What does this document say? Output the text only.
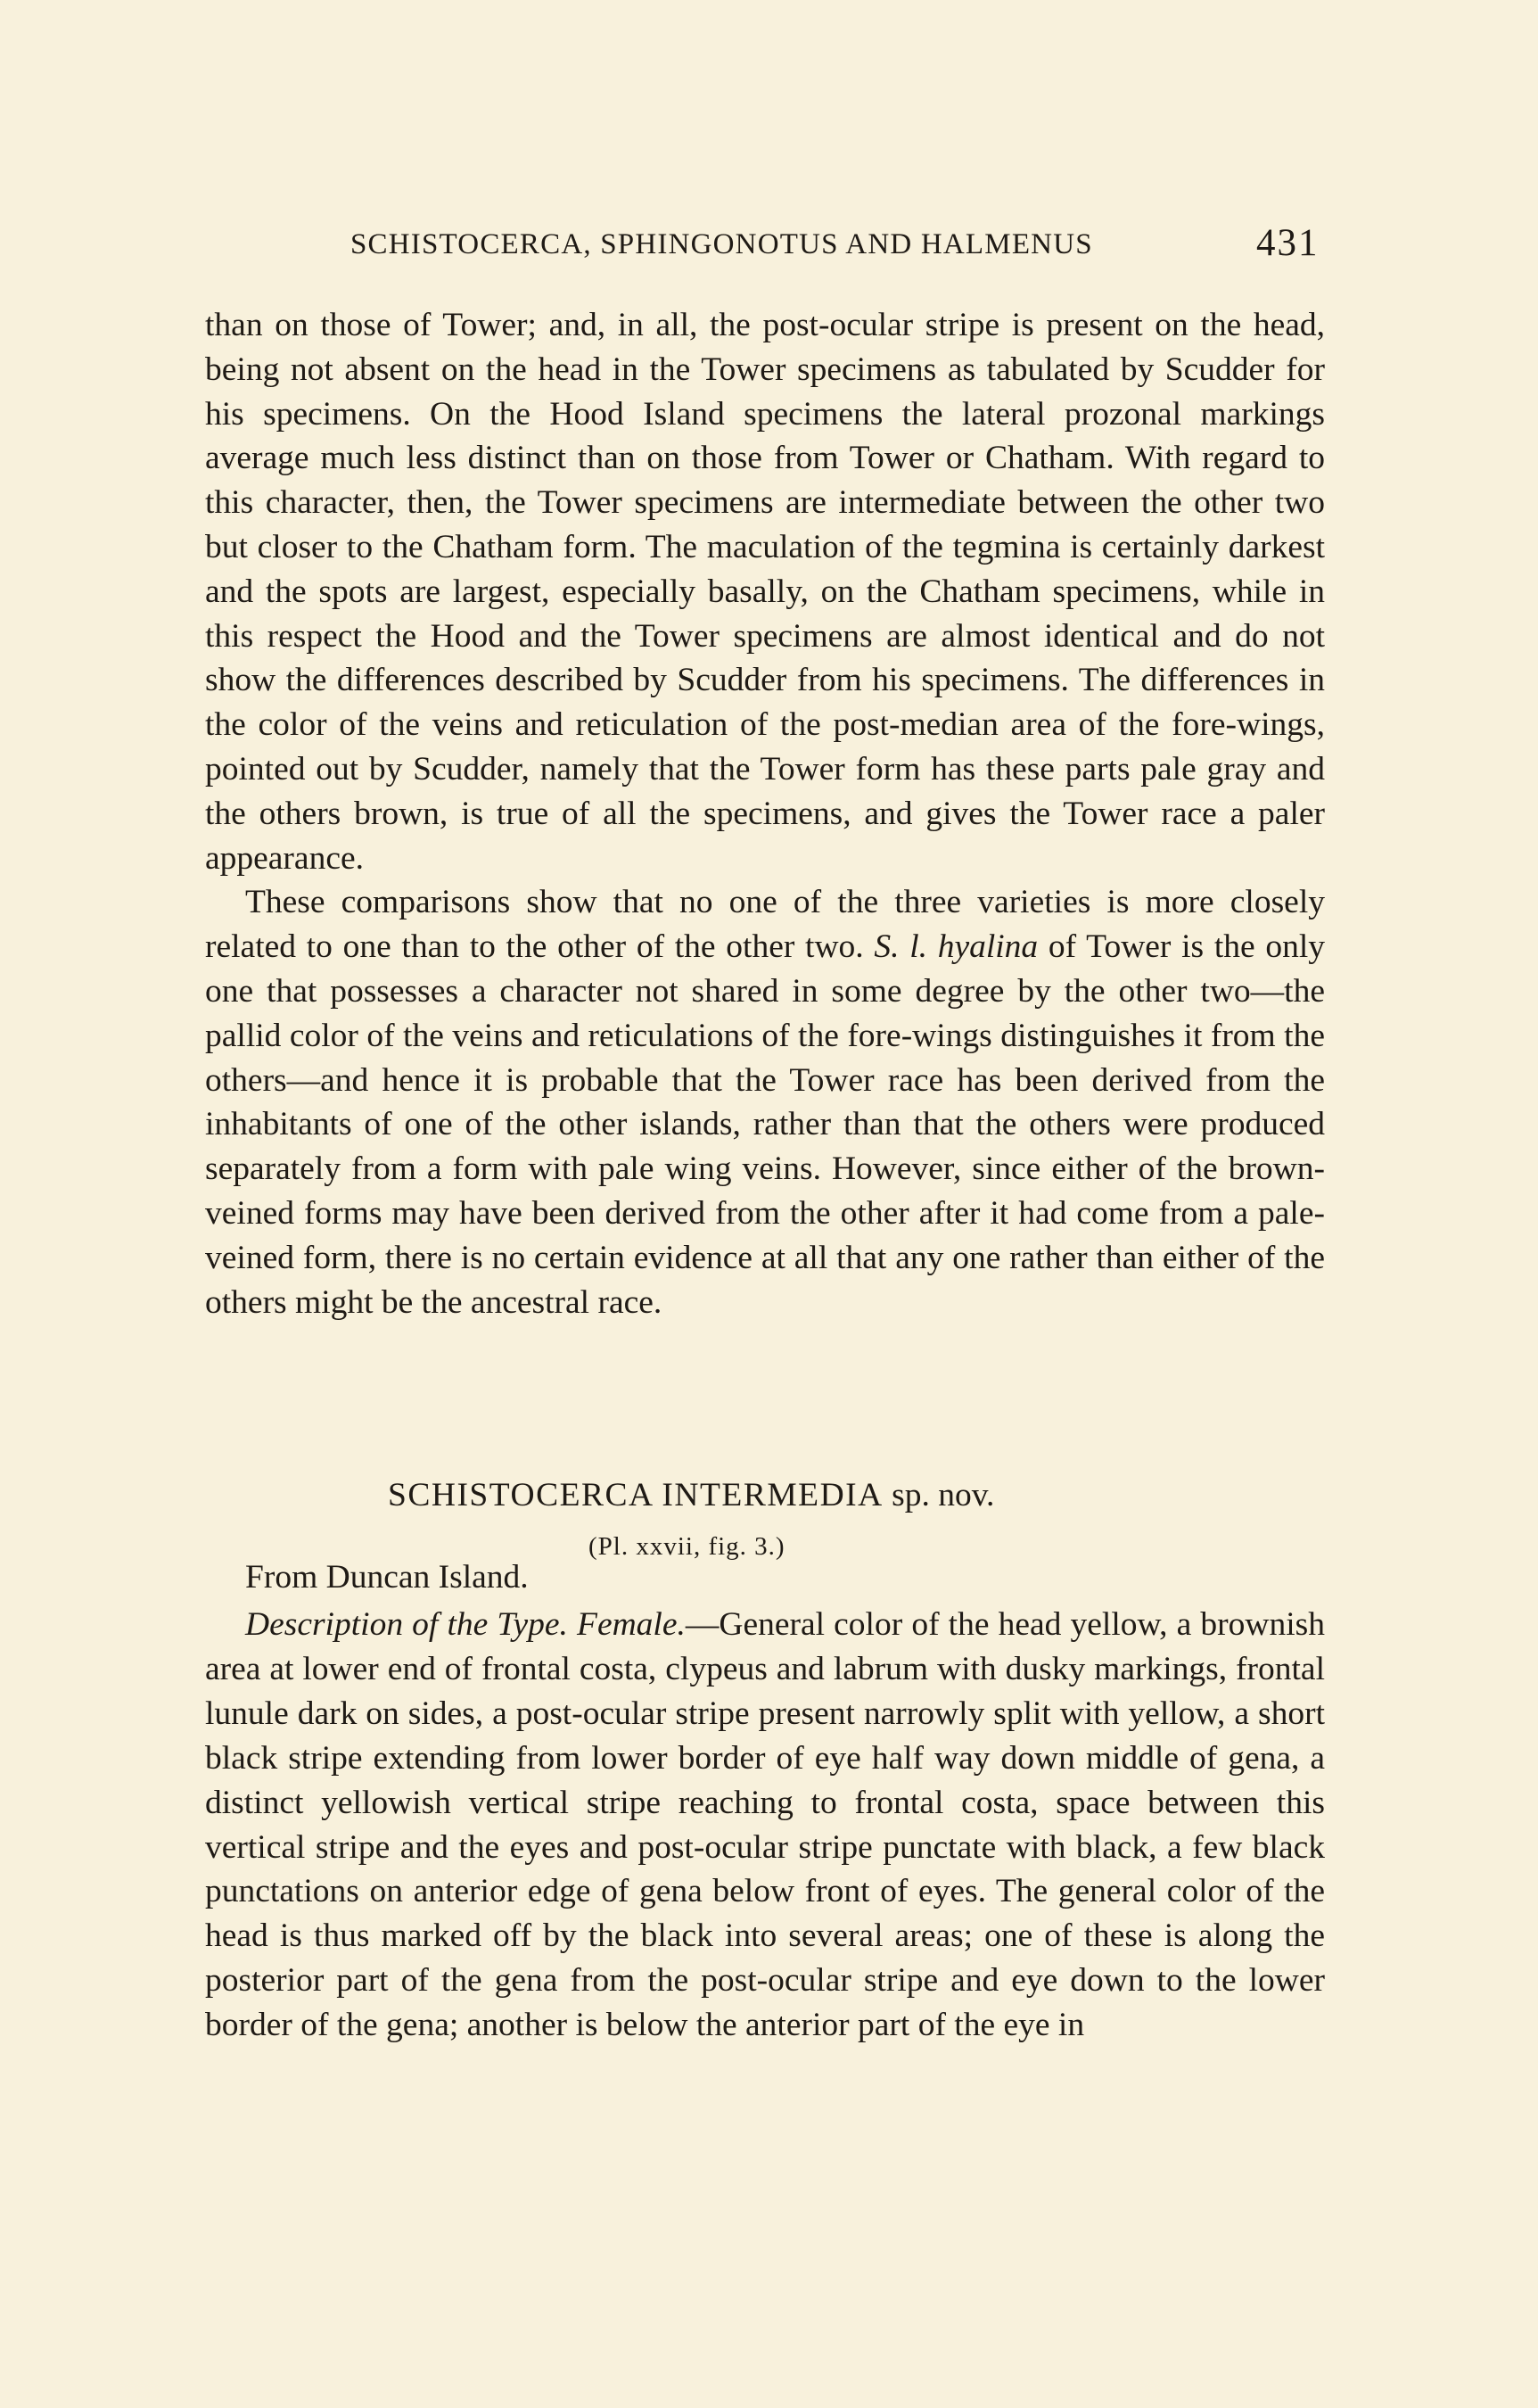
SCHISTOCERCA, SPHINGONOTUS AND HALMENUS	431

than on those of Tower; and, in all, the post-ocular stripe is present on the head, being not absent on the head in the Tower specimens as tabulated by Scudder for his specimens. On the Hood Island specimens the lateral prozonal markings average much less distinct than on those from Tower or Chatham. With regard to this character, then, the Tower specimens are intermediate between the other two but closer to the Chatham form. The maculation of the tegmina is certainly darkest and the spots are largest, especially basally, on the Chatham specimens, while in this respect the Hood and the Tower specimens are almost identical and do not show the differences described by Scudder from his specimens. The differences in the color of the veins and reticulation of the post-median area of the fore-wings, pointed out by Scudder, namely that the Tower form has these parts pale gray and the others brown, is true of all the specimens, and gives the Tower race a paler appearance.

These comparisons show that no one of the three varieties is more closely related to one than to the other of the other two. S. l. hyalina of Tower is the only one that possesses a character not shared in some degree by the other two—the pallid color of the veins and reticulations of the fore-wings distinguishes it from the others—and hence it is probable that the Tower race has been derived from the inhabitants of one of the other islands, rather than that the others were produced separately from a form with pale wing veins. However, since either of the brown-veined forms may have been derived from the other after it had come from a pale-veined form, there is no certain evidence at all that any one rather than either of the others might be the ancestral race.

SCHISTOCERCA INTERMEDIA sp. nov.
(Pl. xxvii, fig. 3.)
From Duncan Island.

Description of the Type. Female.—General color of the head yellow, a brownish area at lower end of frontal costa, clypeus and labrum with dusky markings, frontal lunule dark on sides, a post-ocular stripe present narrowly split with yellow, a short black stripe extending from lower border of eye half way down middle of gena, a distinct yellowish vertical stripe reaching to frontal costa, space between this vertical stripe and the eyes and post-ocular stripe punctate with black, a few black punctations on anterior edge of gena below front of eyes. The general color of the head is thus marked off by the black into several areas; one of these is along the posterior part of the gena from the post-ocular stripe and eye down to the lower border of the gena; another is below the anterior part of the eye in
